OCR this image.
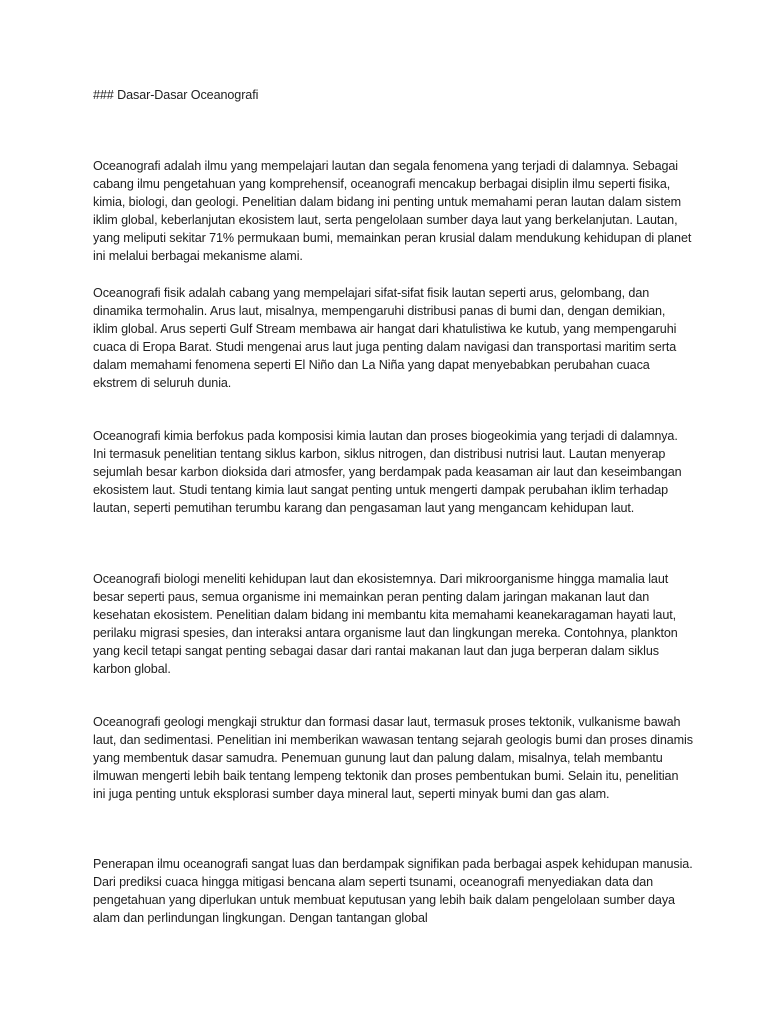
### Dasar-Dasar Oceanografi

Oceanografi adalah ilmu yang mempelajari lautan dan segala fenomena yang terjadi di dalamnya. Sebagai cabang ilmu pengetahuan yang komprehensif, oceanografi mencakup berbagai disiplin ilmu seperti fisika, kimia, biologi, dan geologi. Penelitian dalam bidang ini penting untuk memahami peran lautan dalam sistem iklim global, keberlanjutan ekosistem laut, serta pengelolaan sumber daya laut yang berkelanjutan. Lautan, yang meliputi sekitar 71% permukaan bumi, memainkan peran krusial dalam mendukung kehidupan di planet ini melalui berbagai mekanisme alami.

Oceanografi fisik adalah cabang yang mempelajari sifat-sifat fisik lautan seperti arus, gelombang, dan dinamika termohalin. Arus laut, misalnya, mempengaruhi distribusi panas di bumi dan, dengan demikian, iklim global. Arus seperti Gulf Stream membawa air hangat dari khatulistiwa ke kutub, yang mempengaruhi cuaca di Eropa Barat. Studi mengenai arus laut juga penting dalam navigasi dan transportasi maritim serta dalam memahami fenomena seperti El Niño dan La Niña yang dapat menyebabkan perubahan cuaca ekstrem di seluruh dunia.

Oceanografi kimia berfokus pada komposisi kimia lautan dan proses biogeokimia yang terjadi di dalamnya. Ini termasuk penelitian tentang siklus karbon, siklus nitrogen, dan distribusi nutrisi laut. Lautan menyerap sejumlah besar karbon dioksida dari atmosfer, yang berdampak pada keasaman air laut dan keseimbangan ekosistem laut. Studi tentang kimia laut sangat penting untuk mengerti dampak perubahan iklim terhadap lautan, seperti pemutihan terumbu karang dan pengasaman laut yang mengancam kehidupan laut.

Oceanografi biologi meneliti kehidupan laut dan ekosistemnya. Dari mikroorganisme hingga mamalia laut besar seperti paus, semua organisme ini memainkan peran penting dalam jaringan makanan laut dan kesehatan ekosistem. Penelitian dalam bidang ini membantu kita memahami keanekaragaman hayati laut, perilaku migrasi spesies, dan interaksi antara organisme laut dan lingkungan mereka. Contohnya, plankton yang kecil tetapi sangat penting sebagai dasar dari rantai makanan laut dan juga berperan dalam siklus karbon global.

Oceanografi geologi mengkaji struktur dan formasi dasar laut, termasuk proses tektonik, vulkanisme bawah laut, dan sedimentasi. Penelitian ini memberikan wawasan tentang sejarah geologis bumi dan proses dinamis yang membentuk dasar samudra. Penemuan gunung laut dan palung dalam, misalnya, telah membantu ilmuwan mengerti lebih baik tentang lempeng tektonik dan proses pembentukan bumi. Selain itu, penelitian ini juga penting untuk eksplorasi sumber daya mineral laut, seperti minyak bumi dan gas alam.

Penerapan ilmu oceanografi sangat luas dan berdampak signifikan pada berbagai aspek kehidupan manusia. Dari prediksi cuaca hingga mitigasi bencana alam seperti tsunami, oceanografi menyediakan data dan pengetahuan yang diperlukan untuk membuat keputusan yang lebih baik dalam pengelolaan sumber daya alam dan perlindungan lingkungan. Dengan tantangan global
